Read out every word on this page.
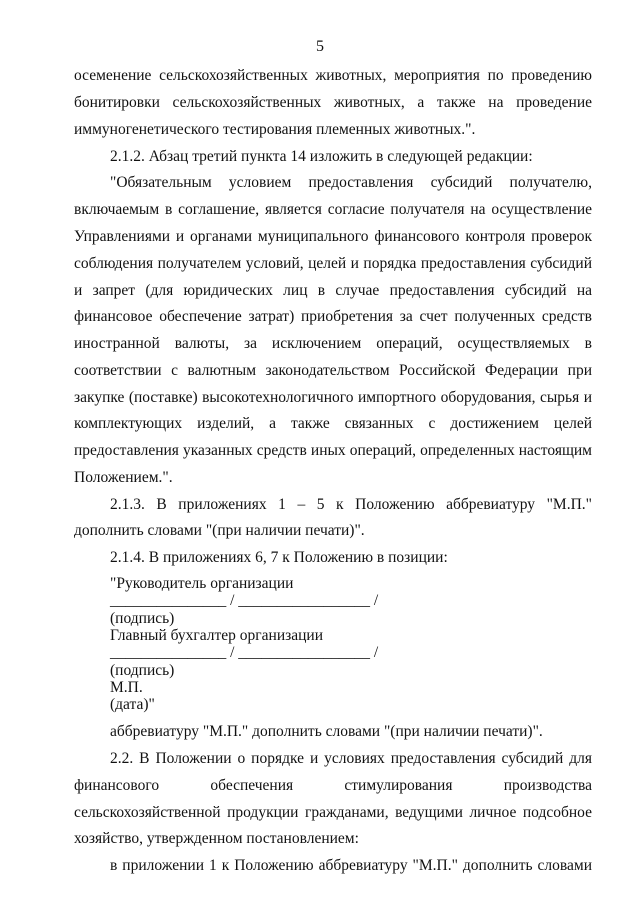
5
осеменение сельскохозяйственных животных, мероприятия по проведению
бонитировки сельскохозяйственных животных, а также на проведение
иммуногенетического тестирования племенных животных.".
2.1.2. Абзац третий пункта 14 изложить в следующей редакции:
"Обязательным условием предоставления субсидий получателю,
включаемым в соглашение, является согласие получателя на осуществление
Управлениями и органами муниципального финансового контроля проверок
соблюдения получателем условий, целей и порядка предоставления субсидий
и запрет (для юридических лиц в случае предоставления субсидий на
финансовое обеспечение затрат) приобретения за счет полученных средств
иностранной валюты, за исключением операций, осуществляемых в
соответствии с валютным законодательством Российской Федерации при
закупке (поставке) высокотехнологичного импортного оборудования, сырья и
комплектующих изделий, а также связанных с достижением целей
предоставления указанных средств иных операций, определенных настоящим
Положением.".
2.1.3. В приложениях 1 – 5 к Положению аббревиатуру "М.П."
дополнить словами "(при наличии печати)".
2.1.4. В приложениях 6, 7 к Положению в позиции:
"Руководитель организации
_______________ / _________________ /
(подпись)
Главный бухгалтер организации
_______________ / _________________ /
(подпись)
М.П.
(дата)"
аббревиатуру "М.П." дополнить словами "(при наличии печати)".
2.2. В Положении о порядке и условиях предоставления субсидий для
финансового обеспечения стимулирования производства
сельскохозяйственной продукции гражданами, ведущими личное подсобное
хозяйство, утвержденном постановлением:
в приложении 1 к Положению аббревиатуру "М.П." дополнить словами
